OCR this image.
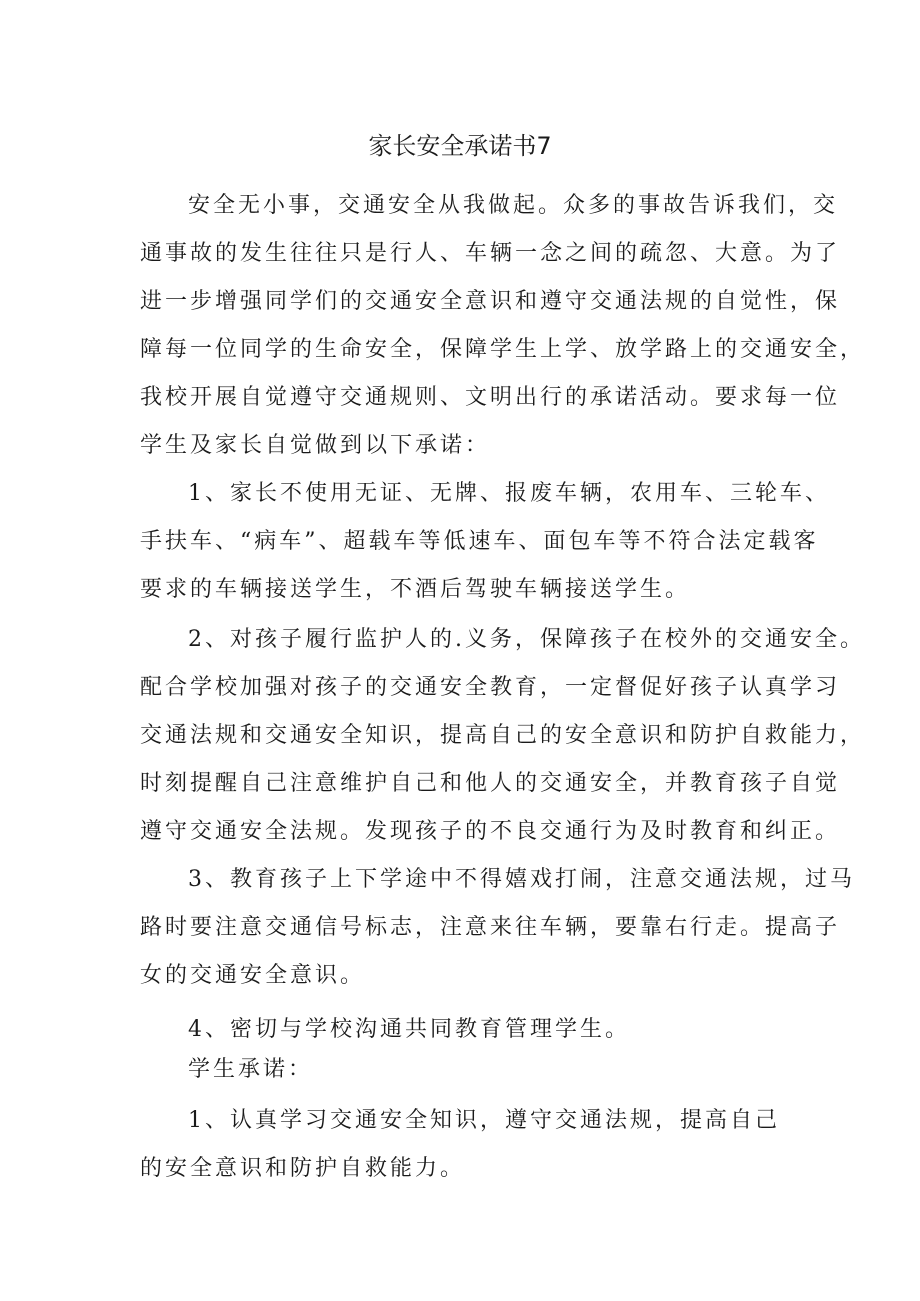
家长安全承诺书7
安全无小事，交通安全从我做起。众多的事故告诉我们，交
通事故的发生往往只是行人、车辆一念之间的疏忽、大意。为了
进一步增强同学们的交通安全意识和遵守交通法规的自觉性，保
障每一位同学的生命安全，保障学生上学、放学路上的交通安全，
我校开展自觉遵守交通规则、文明出行的承诺活动。要求每一位
学生及家长自觉做到以下承诺：
1、家长不使用无证、无牌、报废车辆，农用车、三轮车、
手扶车、“病车”、超载车等低速车、面包车等不符合法定载客
要求的车辆接送学生，不酒后驾驶车辆接送学生。
2、对孩子履行监护人的.义务，保障孩子在校外的交通安全。
配合学校加强对孩子的交通安全教育，一定督促好孩子认真学习
交通法规和交通安全知识，提高自己的安全意识和防护自救能力，
时刻提醒自己注意维护自己和他人的交通安全，并教育孩子自觉
遵守交通安全法规。发现孩子的不良交通行为及时教育和纠正。
3、教育孩子上下学途中不得嬉戏打闹，注意交通法规，过马
路时要注意交通信号标志，注意来往车辆，要靠右行走。提高子
女的交通安全意识。
4、密切与学校沟通共同教育管理学生。
学生承诺：
1、认真学习交通安全知识，遵守交通法规，提高自己
的安全意识和防护自救能力。
